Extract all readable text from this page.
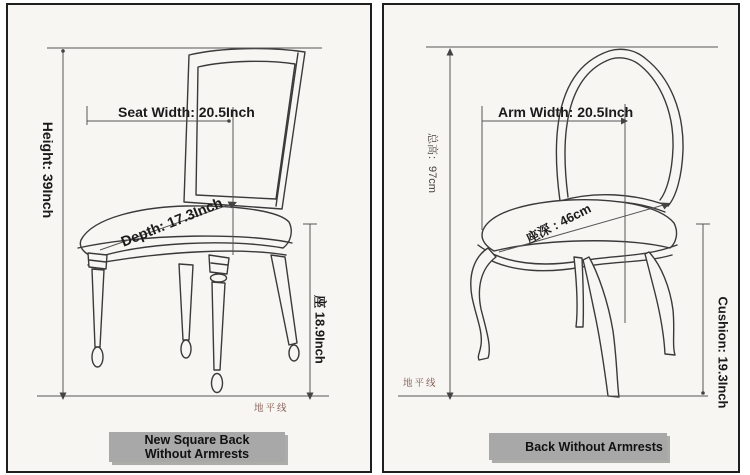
Height: 39Inch
Seat Width: 20.5Inch
Depth: 17.3Inch
座 18.9Inch
地平线
New Square Back
Without Armrests
总高：97cm
Arm Width: 20.5Inch
座深 : 46cm
Cushion: 19.3Inch
地平线
Back Without Armrests
